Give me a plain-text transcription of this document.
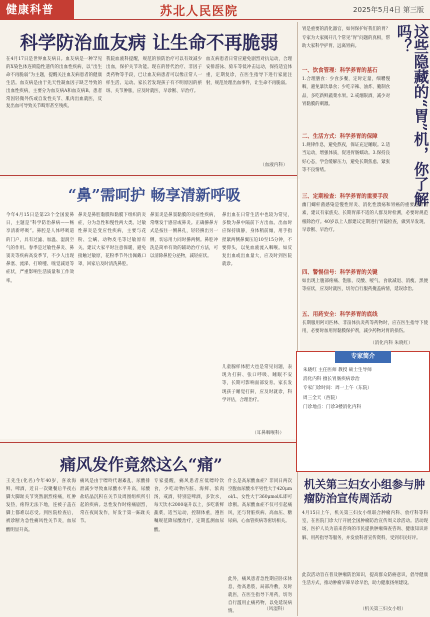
健康科普	苏北人民医院	2025年5月4日 第三版
科学防治血友病 让生命不再脆弱
在4月17日是世界血友病日。血友病是一种罕见的X染色体连锁隐性遗传的出血性疾病，以“出生命不再脆弱”为主题，提醒关注血友病患者的健康生活。血友病是由于先天性凝血因子缺乏导致的出血性疾病，主要分为血友病A和血友病B。患者常因轻微外伤或自发性关节、肌肉出血就医，反复出血可导致关节畸形甚至残疾。
我院血液科提醒，规范的预防治疗可以有效减少出血，保护关节功能。现在的替代治疗、非因子类药物等手段，已让血友病患者可以像正常人一样生活、运动。家长若发现孩子有不明原因的瘀斑、关节肿胀，应及时就医，早诊断、早治疗。
血友病患者日常应避免剧烈对抗运动，合理安排游泳、骑车等低冲击运动，保持适宜体重，定期复诊，在医生指导下进行家庭注射，规范处理出血事件，让生命不再脆弱。
（血液内科）
“鼻”需呵护 畅享清新呼吸
今年4月15日是第23个全国爱鼻日，主题是“科学防治鼻病——畅享清新呼吸”。鼻腔是人体呼吸道的门户，具有过滤、加温、湿润空气的作用。春季是过敏性鼻炎、鼻窦炎等疾病高发季节，不少人出现鼻塞、流涕、打喷嚏、嗅觉减退等症状，严重影响生活质量和工作效率。
鼻炎是鼻腔黏膜和黏膜下组织的炎症，分为急性和慢性两大类。过敏性鼻炎是变应性疾病，主要与花粉、尘螨、动物皮毛等过敏原有关。建议大家平时注意保暖，避免接触过敏原，花粉季节外出佩戴口罩，回家后及时清洗鼻腔。
鼻窦炎是鼻窦黏膜的炎症性疾病，常继发于感冒或鼻炎。正确擤鼻方式是按住一侧鼻孔，轻轻擤出另一侧，切忌用力同时擤两侧。鼻腔冲洗是简单有效的辅助治疗方法，可以清除鼻腔分泌物，减轻症状。
鼻出血在日常生活中也较为常见，多数为鼻中隔前下方出血。出血时应保持镇静，身体稍前倾，用手指捏紧两侧鼻翼压迫10至15分钟，不要仰头，以免血液流入咽喉。如反复出血或出血量大，应及时到医院就诊。
儿童腺样体肥大也是常见问题，表现为打鼾、张口呼吸、睡眠不安等，长期可影响面部发育。家长发现孩子睡觉打鼾，应及时就诊，科学评估，合理治疗。
（耳鼻咽喉科）
痛风发作竟然这么“痛”
王先生(化名)今年40岁，喜欢海鲜、啤酒，近日一次聚餐后半夜右脚大脚趾关节突然剧烈疼痛，红肿发热，疼得无法下地，连被子盖在脚上都难以忍受。到医院检查后，被诊断为急性痛风性关节炎，血尿酸明显升高。
痛风是由于嘌呤代谢紊乱、尿酸排泄减少导致血尿酸水平升高，尿酸盐结晶沉积在关节及周围组织所引起的疾病。急性发作时疼痛剧烈，常在夜间发作，好发于第一跖趾关节。
专家提醒，痛风患者应低嘌呤饮食，少吃动物内脏、海鲜、浓肉汤，戒酒，特别是啤酒，多饮水，每天饮水2000毫升以上，多吃新鲜蔬菜，适当运动，控制体重，遵医嘱规范降尿酸治疗，定期监测血尿酸。
什么是高尿酸血症？非同日两次空腹血尿酸水平男性大于420μmol/L、女性大于360μmol/L即可诊断。高尿酸血症不仅可引起痛风，还与肾脏疾病、高血压、糖尿病、心血管疾病等密切相关。
此外，痛风患者急性期应卧床休息，抬高患肢，局部冷敷，及时就医，在医生指导下用药，切勿自行滥用止痛药物，以免延误病情。	（风湿科）
胃是重要的消化器官，如何保护好我们的胃？专家为大家揭开几个常见“胃”问题的真相，帮助大家科学护胃、远离胃病。	这些隐藏的“胃”机，你了解吗？
一、饮食管理：科学养胃的基石
1.合理膳食：少食多餐，定时定量，细嚼慢咽，避免暴饮暴食；少吃辛辣、油炸、腌制食品，多吃新鲜蔬菜水果。2.戒烟限酒，减少对胃黏膜的刺激。
二、生活方式：科学养胃的保障
1.规律作息，避免熬夜，保证充足睡眠。2.适当运动，增强体质，促进胃肠蠕动。3.保持良好心态，学会缓解压力，避免长期焦虑、紧张等不良情绪。
三、定期检查：科学养胃的重要手段
幽门螺杆菌感染是慢性胃炎、消化性溃疡和胃癌的重要危险因素，建议有家族史、长期胃部不适的人群及时检测，必要时规范根除治疗。40岁以上人群建议定期进行胃镜检查，做到早发现、早诊断、早治疗。
四、警惕信号：科学养胃的关键
如出现上腹部疼痛、饱胀、反酸、嗳气、食欲减退、消瘦、黑便等症状，应及时就医，切勿自行服药掩盖病情，延误诊治。
五、用药安全：科学养胃的底线
长期服用阿司匹林、非甾体抗炎药等药物时，应在医生指导下使用，必要时加用胃黏膜保护剂，减少药物对胃的损伤。
（消化内科 朱晓红）
专家简介

朱晓红 主任医师 教授 硕士生导师

消化内科 擅长胃肠疾病诊治

专家门诊时间：周一上午（东院）

周三全天（西院）

门诊地点：门诊3楼消化内科

机关第三妇女小组参与肿瘤防治宣传周活动
4月15日上午，机关第三妇女小组联合肿瘤内科、放疗科等科室，在医院门诊大厅开展全国肿瘤防治宣传周义诊活动。活动现场，医护人员为前来咨询的市民提供肿瘤筛查咨询、健康知识讲解、用药指导等服务，并发放科普宣传资料，受到市民好评。
此次活动旨在普及肿瘤防治知识，提高群众防癌意识，倡导健康生活方式，推动肿瘤早筛早诊早治，助力健康扬州建设。
（机关第三妇女小组）
